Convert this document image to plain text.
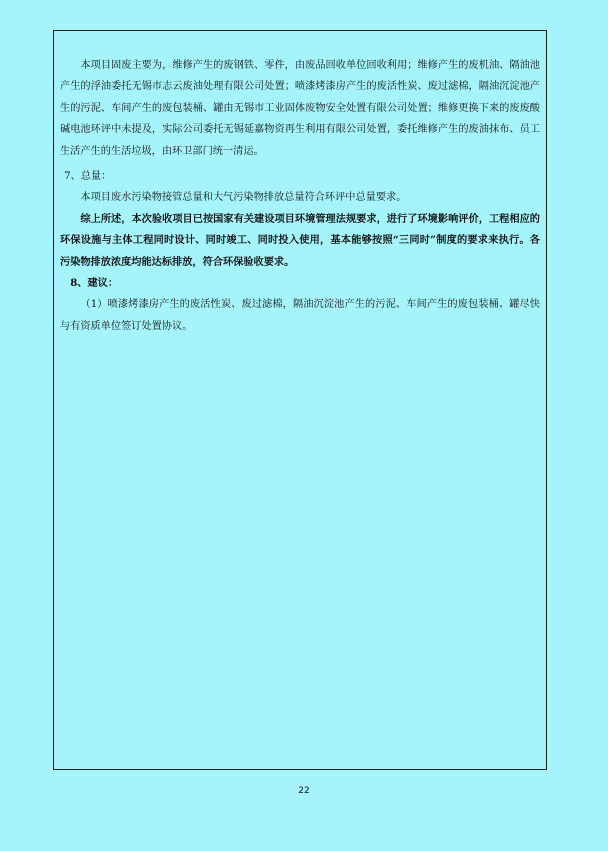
本项目固废主要为，维修产生的废钢铁、零件，由废品回收单位回收利用；维修产生的废机油、隔油池产生的浮油委托无锡市志云废油处理有限公司处置；喷漆烤漆房产生的废活性炭、废过滤棉，隔油沉淀池产生的污泥、车间产生的废包装桶、罐由无锡市工业固体废物安全处置有限公司处置；维修更换下来的废废酸碱电池环评中未提及，实际公司委托无锡延嘉物资再生利用有限公司处置，委托维修产生的废油抹布、员工生活产生的生活垃圾，由环卫部门统一清运。

7、总量：

本项目废水污染物接管总量和大气污染物排放总量符合环评中总量要求。

综上所述，本次验收项目已按国家有关建设项目环境管理法规要求，进行了环境影响评价，工程相应的环保设施与主体工程同时设计、同时竣工、同时投入使用，基本能够按照“三同时”制度的要求来执行。各污染物排放浓度均能达标排放，符合环保验收要求。

8、建议：

（1）喷漆烤漆房产生的废活性炭、废过滤棉，隔油沉淀池产生的污泥、车间产生的废包装桶、罐尽快与有资质单位签订处置协议。

22
